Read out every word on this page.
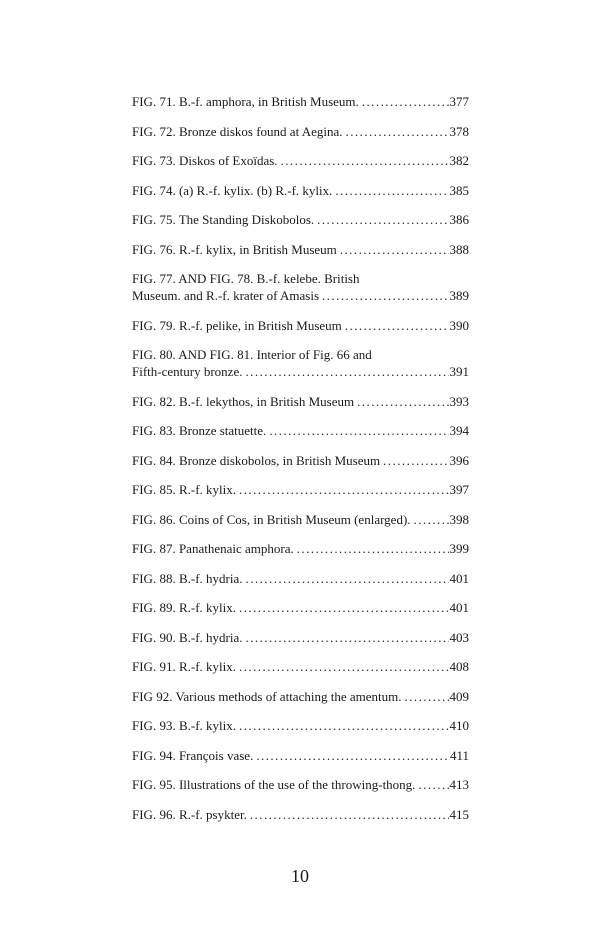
FIG. 71. B.-f. amphora, in British Museum. . . .	377
FIG. 72. Bronze diskos found at Aegina. . . .	378
FIG. 73. Diskos of Exoïdas. . . .	382
FIG. 74. (a) R.-f. kylix. (b) R.-f. kylix. . . .	385
FIG. 75. The Standing Diskobolos. . . .	386
FIG. 76. R.-f. kylix, in British Museum . . .	388
FIG. 77. AND FIG. 78. B.-f. kelebe. British
Museum. and R.-f. krater of Amasis . . .	389
FIG. 79. R.-f. pelike, in British Museum . . .	390
FIG. 80. AND FIG. 81. Interior of Fig. 66 and
Fifth-century bronze. . . .	391
FIG. 82. B.-f. lekythos, in British Museum . . .	393
FIG. 83. Bronze statuette. . . .	394
FIG. 84. Bronze diskobolos, in British Museum . . .	396
FIG. 85. R.-f. kylix. . . .	397
FIG. 86. Coins of Cos, in British Museum (enlarged). . . .	398
FIG. 87. Panathenaic amphora. . . .	399
FIG. 88. B.-f. hydria. . . .	401
FIG. 89. R.-f. kylix. . . .	401
FIG. 90. B.-f. hydria. . . .	403
FIG. 91. R.-f. kylix. . . .	408
FIG 92. Various methods of attaching the amentum. . . .	409
FIG. 93. B.-f. kylix. . . .	410
FIG. 94. François vase. . . .	411
FIG. 95. Illustrations of the use of the throwing-thong. . . .	413
FIG. 96. R.-f. psykter. . . .	415
10
